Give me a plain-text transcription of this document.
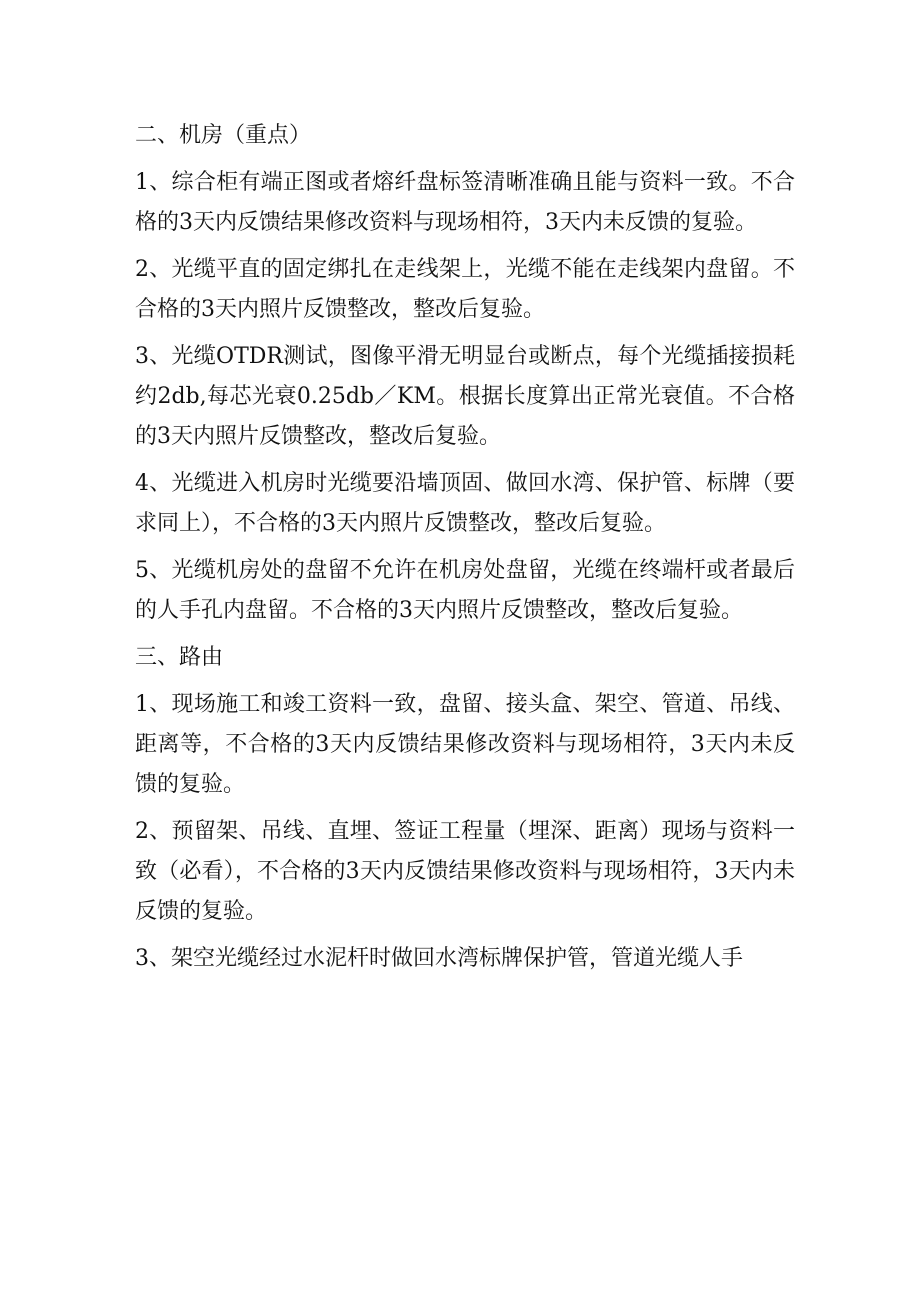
二、机房（重点）

1、综合柜有端正图或者熔纤盘标签清晰准确且能与资料一致。不合格的3天内反馈结果修改资料与现场相符，3天内未反馈的复验。

2、光缆平直的固定绑扎在走线架上，光缆不能在走线架内盘留。不合格的3天内照片反馈整改，整改后复验。

3、光缆OTDR测试，图像平滑无明显台或断点，每个光缆插接损耗约2db,每芯光衰0.25db／KM。根据长度算出正常光衰值。不合格的3天内照片反馈整改，整改后复验。

4、光缆进入机房时光缆要沿墙顶固、做回水湾、保护管、标牌（要求同上），不合格的3天内照片反馈整改，整改后复验。

5、光缆机房处的盘留不允许在机房处盘留，光缆在终端杆或者最后的人手孔内盘留。不合格的3天内照片反馈整改，整改后复验。

三、路由

1、现场施工和竣工资料一致，盘留、接头盒、架空、管道、吊线、距离等，不合格的3天内反馈结果修改资料与现场相符，3天内未反馈的复验。

2、预留架、吊线、直埋、签证工程量（埋深、距离）现场与资料一致（必看），不合格的3天内反馈结果修改资料与现场相符，3天内未反馈的复验。

3、架空光缆经过水泥杆时做回水湾标牌保护管，管道光缆人手
